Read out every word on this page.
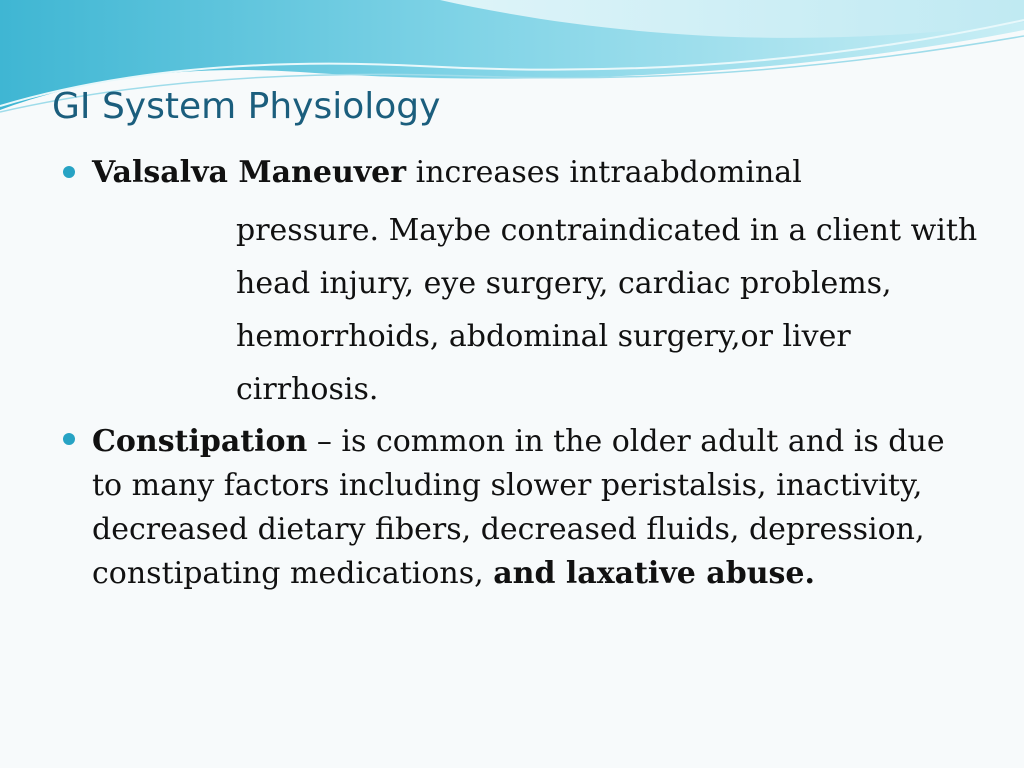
GI System Physiology
Valsalva Maneuver increases intraabdominal
pressure. Maybe contraindicated in a client with head injury, eye surgery, cardiac problems, hemorrhoids, abdominal surgery,or liver cirrhosis.
Constipation – is common in the older adult and is due to many factors including slower peristalsis, inactivity, decreased dietary fibers, decreased fluids, depression, constipating medications, and laxative abuse.
